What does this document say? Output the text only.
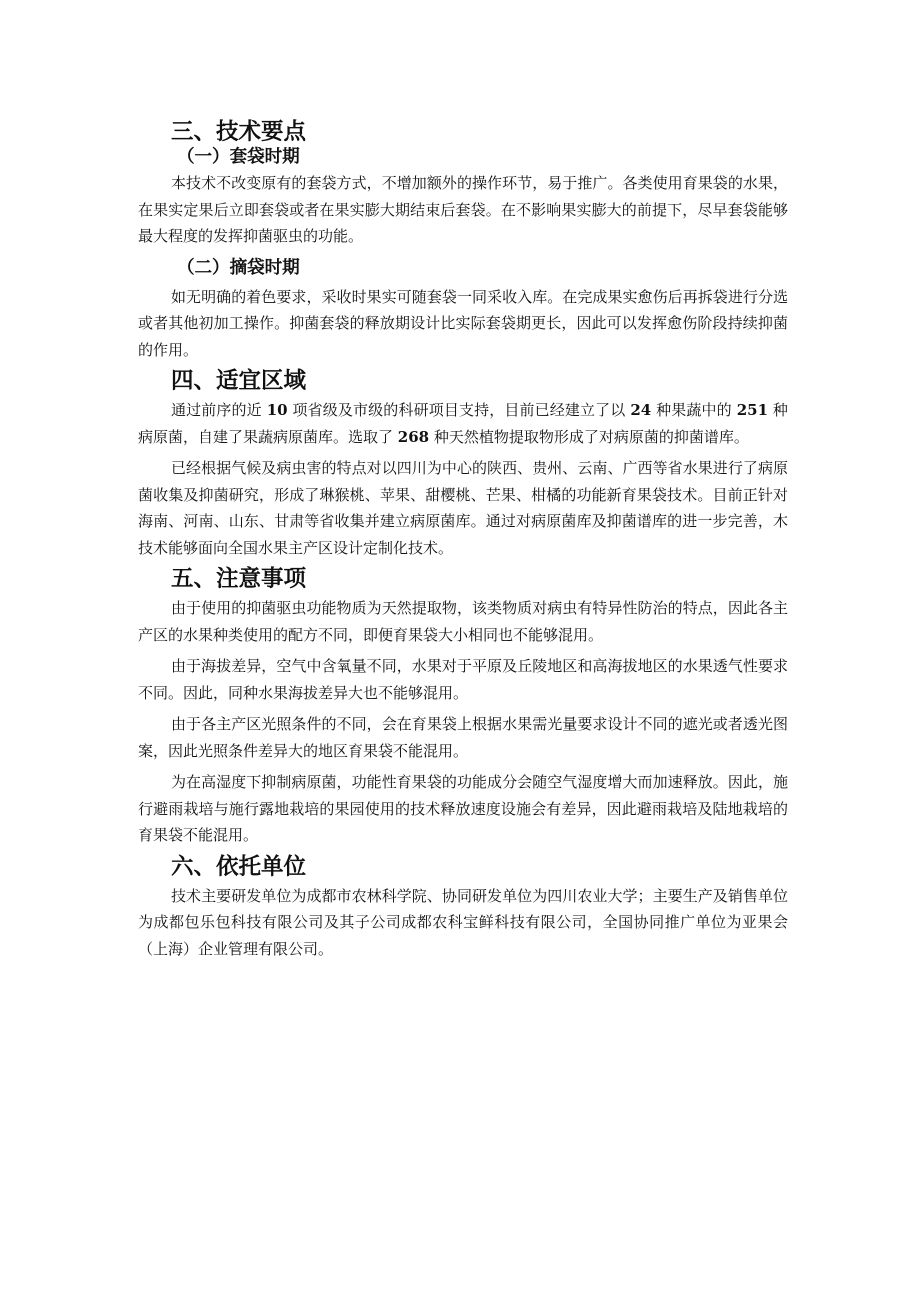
三、技术要点
（一）套袋时期

本技术不改变原有的套袋方式，不增加额外的操作环节，易于推广。各类使用育果袋的水果，在果实定果后立即套袋或者在果实膨大期结束后套袋。在不影响果实膨大的前提下，尽早套袋能够最大程度的发挥抑菌驱虫的功能。

（二）摘袋时期

如无明确的着色要求，采收时果实可随套袋一同采收入库。在完成果实愈伤后再拆袋进行分选或者其他初加工操作。抑菌套袋的释放期设计比实际套袋期更长，因此可以发挥愈伤阶段持续抑菌的作用。

四、适宜区域

通过前序的近 10 项省级及市级的科研项目支持，目前已经建立了以 24 种果蔬中的 251 种病原菌，自建了果蔬病原菌库。选取了 268 种天然植物提取物形成了对病原菌的抑菌谱库。

已经根据气候及病虫害的特点对以四川为中心的陕西、贵州、云南、广西等省水果进行了病原菌收集及抑菌研究，形成了琳猴桃、苹果、甜樱桃、芒果、柑橘的功能新育果袋技术。目前正针对海南、河南、山东、甘肃等省收集并建立病原菌库。通过对病原菌库及抑菌谱库的进一步完善，木技术能够面向全国水果主产区设计定制化技术。

五、注意事项

由于使用的抑菌驱虫功能物质为天然提取物，该类物质对病虫有特异性防治的特点，因此各主产区的水果种类使用的配方不同，即便育果袋大小相同也不能够混用。

由于海拔差异，空气中含氧量不同，水果对于平原及丘陵地区和高海拔地区的水果透气性要求不同。因此，同种水果海拔差异大也不能够混用。

由于各主产区光照条件的不同，会在育果袋上根据水果需光量要求设计不同的遮光或者透光图案，因此光照条件差异大的地区育果袋不能混用。

为在高湿度下抑制病原菌，功能性育果袋的功能成分会随空气湿度增大而加速释放。因此，施行避雨栽培与施行露地栽培的果园使用的技术释放速度设施会有差异，因此避雨栽培及陆地栽培的育果袋不能混用。

六、依托单位

技术主要研发单位为成都市农林科学院、协同研发单位为四川农业大学；主要生产及销售单位为成都包乐包科技有限公司及其子公司成都农科宝鲜科技有限公司，全国协同推广单位为亚果会（上海）企业管理有限公司。
